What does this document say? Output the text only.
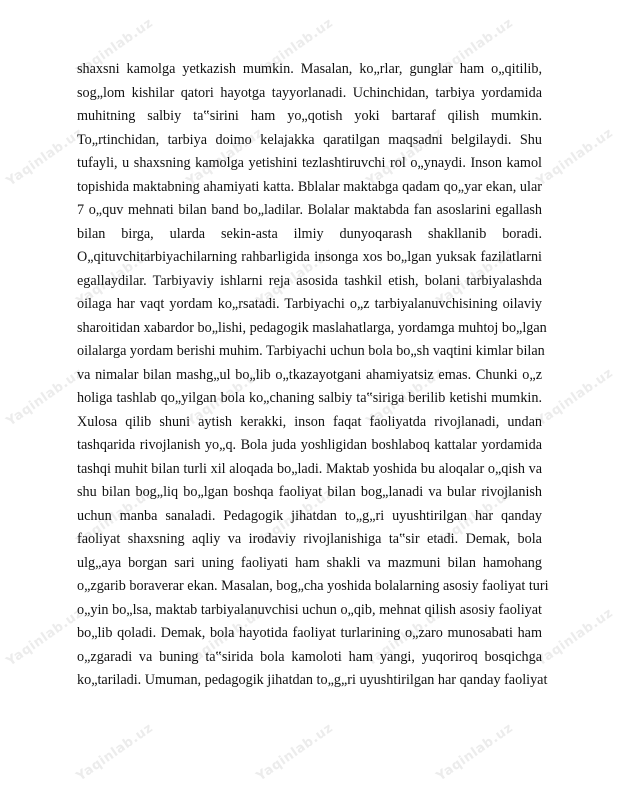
Yaqinlab.uz	Yaqinlab.uz	Yaqinlab.uz
Yaqinlab.uz	Yaqinlab.uz	Yaqinlab.uz	Yaqinlab.uz
Yaqinlab.uz	Yaqinlab.uz	Yaqinlab.uz
Yaqinlab.uz	Yaqinlab.uz	Yaqinlab.uz	Yaqinlab.uz
Yaqinlab.uz	Yaqinlab.uz	Yaqinlab.uz
Yaqinlab.uz	Yaqinlab.uz	Yaqinlab.uz	Yaqinlab.uz
Yaqinlab.uz	Yaqinlab.uz	Yaqinlab.uz
shaxsni kamolga yetkazish mumkin. Masalan, ko„rlar, gunglar ham o„qitilib,
sog„lom kishilar qatori hayotga tayyorlanadi. Uchinchidan, tarbiya yordamida
muhitning salbiy ta‟sirini ham yo„qotish yoki bartaraf qilish mumkin.
To„rtinchidan, tarbiya doimo kelajakka qaratilgan maqsadni belgilaydi. Shu
tufayli, u shaxsning kamolga yetishini tezlashtiruvchi rol o„ynaydi. Inson kamol
topishida maktabning ahamiyati katta. Bblalar maktabga qadam qo„yar ekan, ular
7 o„quv mehnati bilan band bo„ladilar. Bolalar maktabda fan asoslarini egallash
bilan birga, ularda sekin-asta ilmiy dunyoqarash shakllanib boradi.
O„qituvchitarbiyachilarning rahbarligida insonga xos bo„lgan yuksak fazilatlarni
egallaydilar. Tarbiyaviy ishlarni reja asosida tashkil etish, bolani tarbiyalashda
oilaga har vaqt yordam ko„rsatadi. Tarbiyachi o„z tarbiyalanuvchisining oilaviy
sharoitidan xabardor bo„lishi, pedagogik maslahatlarga, yordamga muhtoj bo„lgan
oilalarga yordam berishi muhim. Tarbiyachi uchun bola bo„sh vaqtini kimlar bilan
va nimalar bilan mashg„ul bo„lib o„tkazayotgani ahamiyatsiz emas. Chunki o„z
holiga tashlab qo„yilgan bola ko„chaning salbiy ta‟siriga berilib ketishi mumkin.
Xulosa qilib shuni aytish kerakki, inson faqat faoliyatda rivojlanadi, undan
tashqarida rivojlanish yo„q. Bola juda yoshligidan boshlaboq kattalar yordamida
tashqi muhit bilan turli xil aloqada bo„ladi. Maktab yoshida bu aloqalar o„qish va
shu bilan bog„liq bo„lgan boshqa faoliyat bilan bog„lanadi va bular rivojlanish
uchun manba sanaladi. Pedagogik jihatdan to„g„ri uyushtirilgan har qanday
faoliyat shaxsning aqliy va irodaviy rivojlanishiga ta‟sir etadi. Demak, bola
ulg„aya borgan sari uning faoliyati ham shakli va mazmuni bilan hamohang
o„zgarib boraverar ekan. Masalan, bog„cha yoshida bolalarning asosiy faoliyat turi
o„yin bo„lsa, maktab tarbiyalanuvchisi uchun o„qib, mehnat qilish asosiy faoliyat
bo„lib qoladi. Demak, bola hayotida faoliyat turlarining o„zaro munosabati ham
o„zgaradi va buning ta‟sirida bola kamoloti ham yangi, yuqoriroq bosqichga
ko„tariladi. Umuman, pedagogik jihatdan to„g„ri uyushtirilgan har qanday faoliyat
